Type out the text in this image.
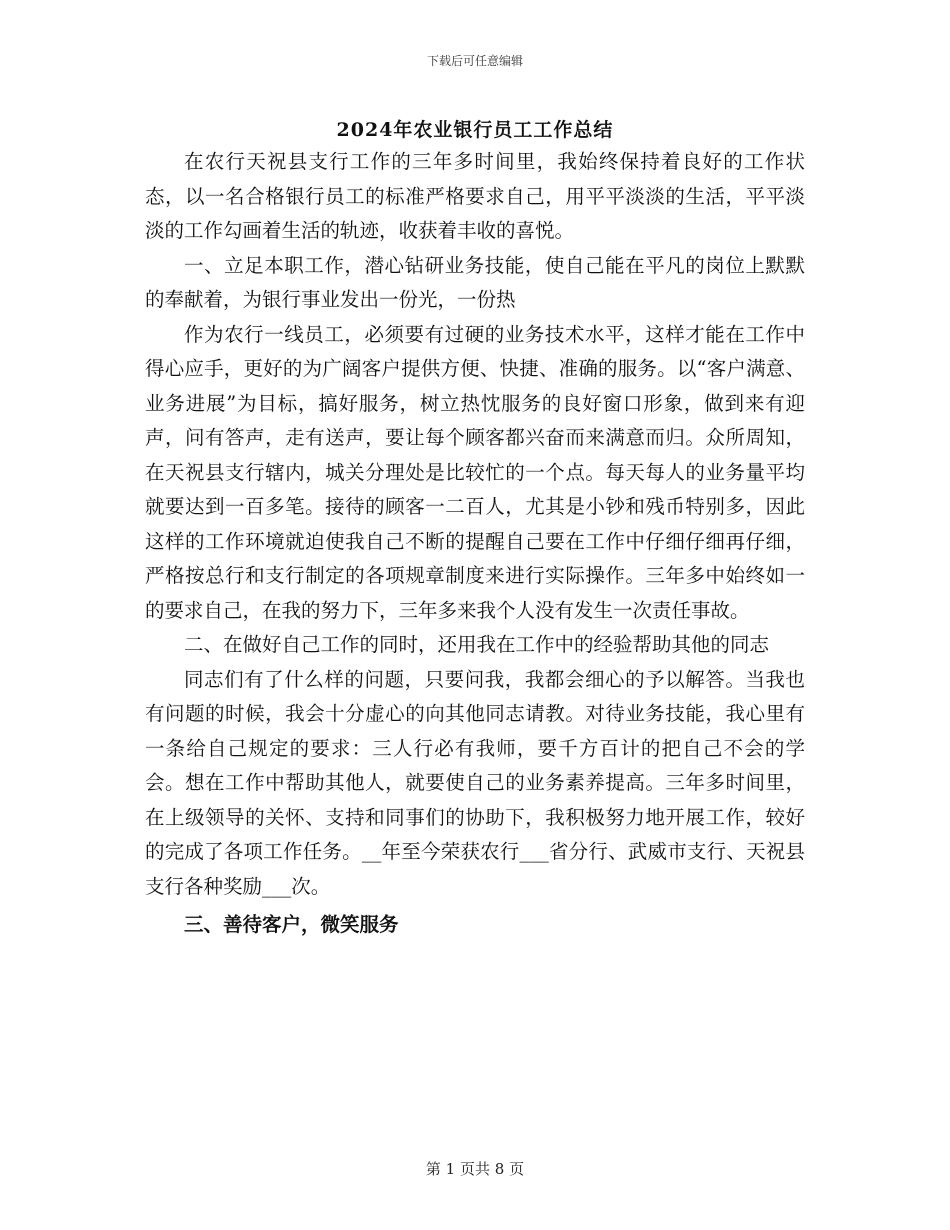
下载后可任意编辑
2024年农业银行员工工作总结

在农行天祝县支行工作的三年多时间里，我始终保持着良好的工作状态，以一名合格银行员工的标准严格要求自己，用平平淡淡的生活，平平淡淡的工作勾画着生活的轨迹，收获着丰收的喜悦。

一、立足本职工作，潜心钻研业务技能，使自己能在平凡的岗位上默默的奉献着，为银行事业发出一份光，一份热

作为农行一线员工，必须要有过硬的业务技术水平，这样才能在工作中得心应手，更好的为广阔客户提供方便、快捷、准确的服务。以“客户满意、业务进展”为目标，搞好服务，树立热忱服务的良好窗口形象，做到来有迎声，问有答声，走有送声，要让每个顾客都兴奋而来满意而归。众所周知，在天祝县支行辖内，城关分理处是比较忙的一个点。每天每人的业务量平均就要达到一百多笔。接待的顾客一二百人，尤其是小钞和残币特别多，因此这样的工作环境就迫使我自己不断的提醒自己要在工作中仔细仔细再仔细，严格按总行和支行制定的各项规章制度来进行实际操作。三年多中始终如一的要求自己，在我的努力下，三年多来我个人没有发生一次责任事故。

二、在做好自己工作的同时，还用我在工作中的经验帮助其他的同志

同志们有了什么样的问题，只要问我，我都会细心的予以解答。当我也有问题的时候，我会十分虚心的向其他同志请教。对待业务技能，我心里有一条给自己规定的要求：三人行必有我师，要千方百计的把自己不会的学会。想在工作中帮助其他人，就要使自己的业务素养提高。三年多时间里，在上级领导的关怀、支持和同事们的协助下，我积极努力地开展工作，较好的完成了各项工作任务。__年至今荣获农行___省分行、武威市支行、天祝县支行各种奖励___次。

三、善待客户，微笑服务

第 1 页共 8 页
